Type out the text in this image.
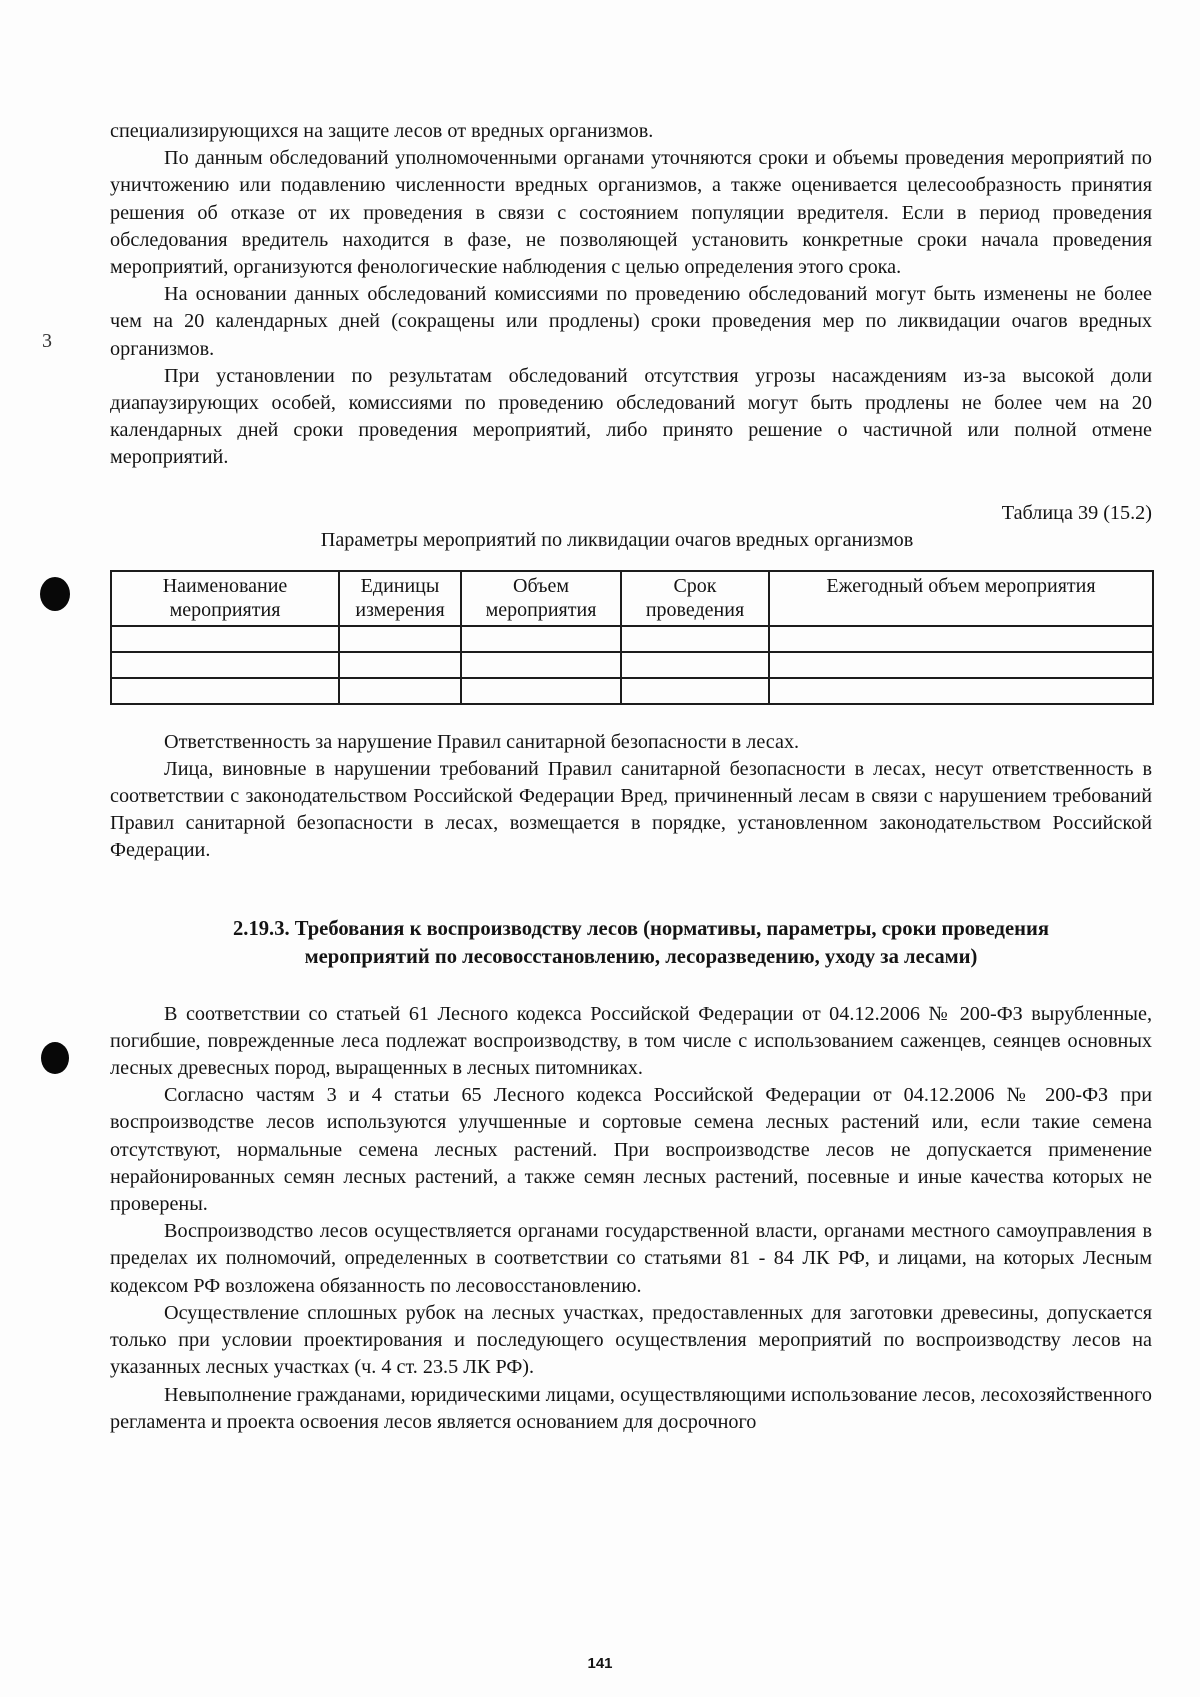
3

специализирующихся на защите лесов от вредных организмов.

По данным обследований уполномоченными органами уточняются сроки и объемы проведения мероприятий по уничтожению или подавлению численности вредных организмов, а также оценивается целесообразность принятия решения об отказе от их проведения в связи с состоянием популяции вредителя. Если в период проведения обследования вредитель находится в фазе, не позволяющей установить конкретные сроки начала проведения мероприятий, организуются фенологические наблюдения с целью определения этого срока.

На основании данных обследований комиссиями по проведению обследований могут быть изменены не более чем на 20 календарных дней (сокращены или продлены) сроки проведения мер по ликвидации очагов вредных организмов.

При установлении по результатам обследований отсутствия угрозы насаждениям из-за высокой доли диапаузирующих особей, комиссиями по проведению обследований могут быть продлены не более чем на 20 календарных дней сроки проведения мероприятий, либо принято решение о частичной или полной отмене мероприятий.

Таблица 39 (15.2)
Параметры мероприятий по ликвидации очагов вредных организмов
Наименование мероприятия	Единицы измерения	Объем мероприятия	Срок проведения	Ежегодный объем мероприятия

Ответственность за нарушение Правил санитарной безопасности в лесах.

Лица, виновные в нарушении требований Правил санитарной безопасности в лесах, несут ответственность в соответствии с законодательством Российской Федерации Вред, причиненный лесам в связи с нарушением требований Правил санитарной безопасности в лесах, возмещается в порядке, установленном законодательством Российской Федерации.

2.19.3. Требования к воспроизводству лесов (нормативы, параметры, сроки проведения
мероприятий по лесовосстановлению, лесоразведению, уходу за лесами)

В соответствии со статьей 61 Лесного кодекса Российской Федерации от 04.12.2006 № 200-ФЗ вырубленные, погибшие, поврежденные леса подлежат воспроизводству, в том числе с использованием саженцев, сеянцев основных лесных древесных пород, выращенных в лесных питомниках.

Согласно частям 3 и 4 статьи 65 Лесного кодекса Российской Федерации от 04.12.2006 № 200-ФЗ при воспроизводстве лесов используются улучшенные и сортовые семена лесных растений или, если такие семена отсутствуют, нормальные семена лесных растений. При воспроизводстве лесов не допускается применение нерайонированных семян лесных растений, а также семян лесных растений, посевные и иные качества которых не проверены.

Воспроизводство лесов осуществляется органами государственной власти, органами местного самоуправления в пределах их полномочий, определенных в соответствии со статьями 81 - 84 ЛК РФ, и лицами, на которых Лесным кодексом РФ возложена обязанность по лесовосстановлению.

Осуществление сплошных рубок на лесных участках, предоставленных для заготовки древесины, допускается только при условии проектирования и последующего осуществления мероприятий по воспроизводству лесов на указанных лесных участках (ч. 4 ст. 23.5 ЛК РФ).

Невыполнение гражданами, юридическими лицами, осуществляющими использование лесов, лесохозяйственного регламента и проекта освоения лесов является основанием для досрочного

141
